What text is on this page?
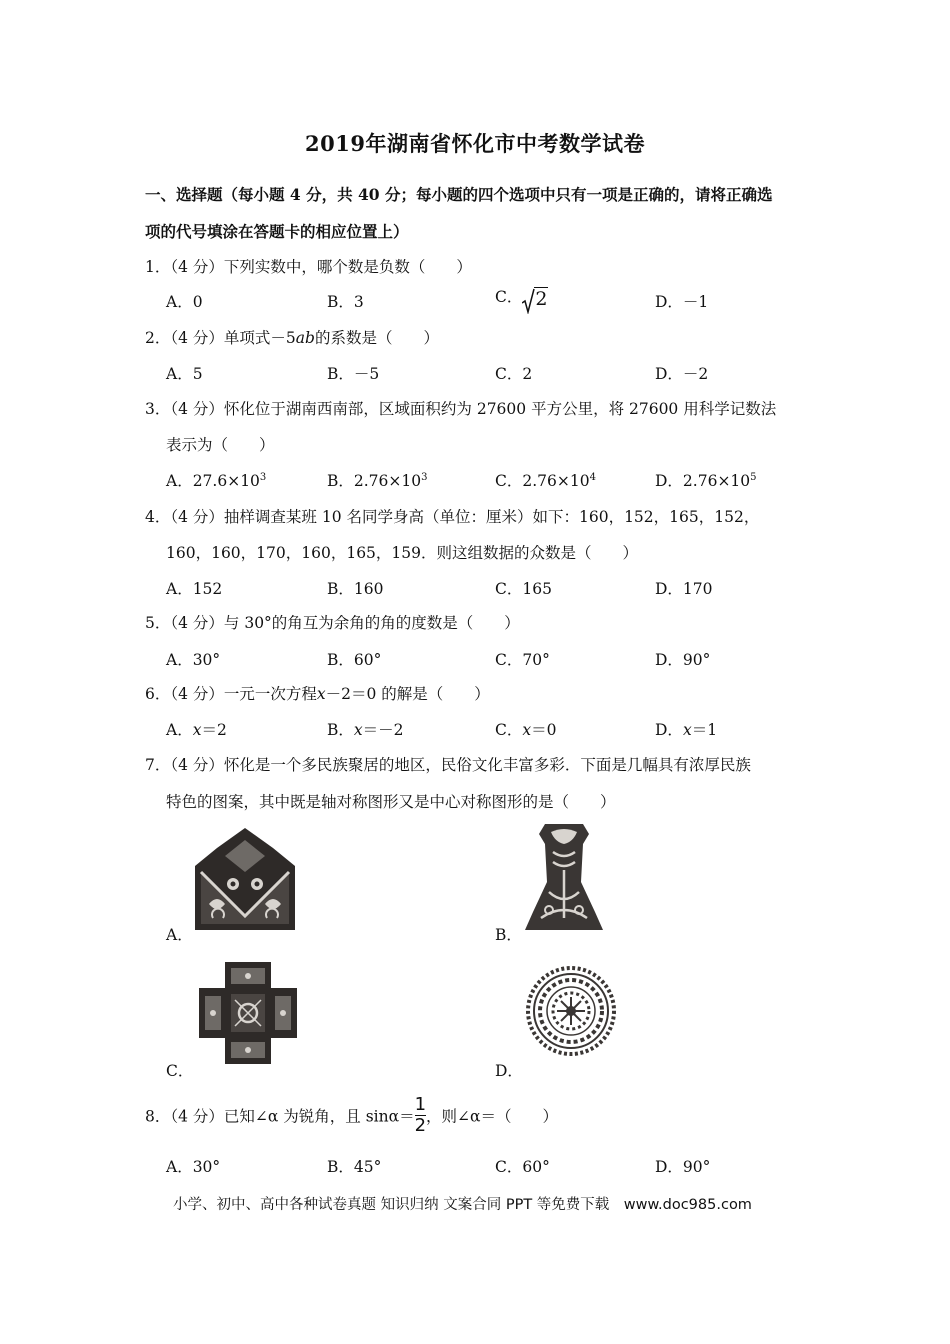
2019年湖南省怀化市中考数学试卷
一、选择题（每小题 4 分，共 40 分；每小题的四个选项中只有一项是正确的，请将正确选
项的代号填涂在答题卡的相应位置上）
1．（4 分）下列实数中，哪个数是负数（　　）
A．0	B．3	C． 2	D．－1
2．（4 分）单项式－5ab的系数是（　　）
A．5	B．－5	C．2	D．－2
3．（4 分）怀化位于湖南西南部，区域面积约为 27600 平方公里，将 27600 用科学记数法
表示为（　　）
A．$27.6\times 10^3$	B．$2.76\times 10^3$	C．$2.76\times 10^4$	D．$2.76\times 10^5$
4．（4 分）抽样调查某班 10 名同学身高（单位：厘米）如下：160，152，165，152，
160，160，170，160，165，159．则这组数据的众数是（　　）
A．152	B．160	C．165	D．170
5．（4 分）与 30°的角互为余角的角的度数是（　　）
A．30°	B．60°	C．70°	D．90°
6．（4 分）一元一次方程x－2＝0 的解是（　　）
A．x＝2	B．x＝－2	C．x＝0	D．x＝1
7．（4 分）怀化是一个多民族聚居的地区，民俗文化丰富多彩．下面是几幅具有浓厚民族
特色的图案，其中既是轴对称图形又是中心对称图形的是（　　）
A．	B．
C．	D．
8．（4 分）已知∠α 为锐角，且 $\sin\alpha= \frac{1}{2}$ ，则∠α＝（　　）
A．30°	B．45°	C．60°	D．90°
小学、初中、高中各种试卷真题 知识归纳 文案合同 PPT 等免费下载　www.doc985.com
